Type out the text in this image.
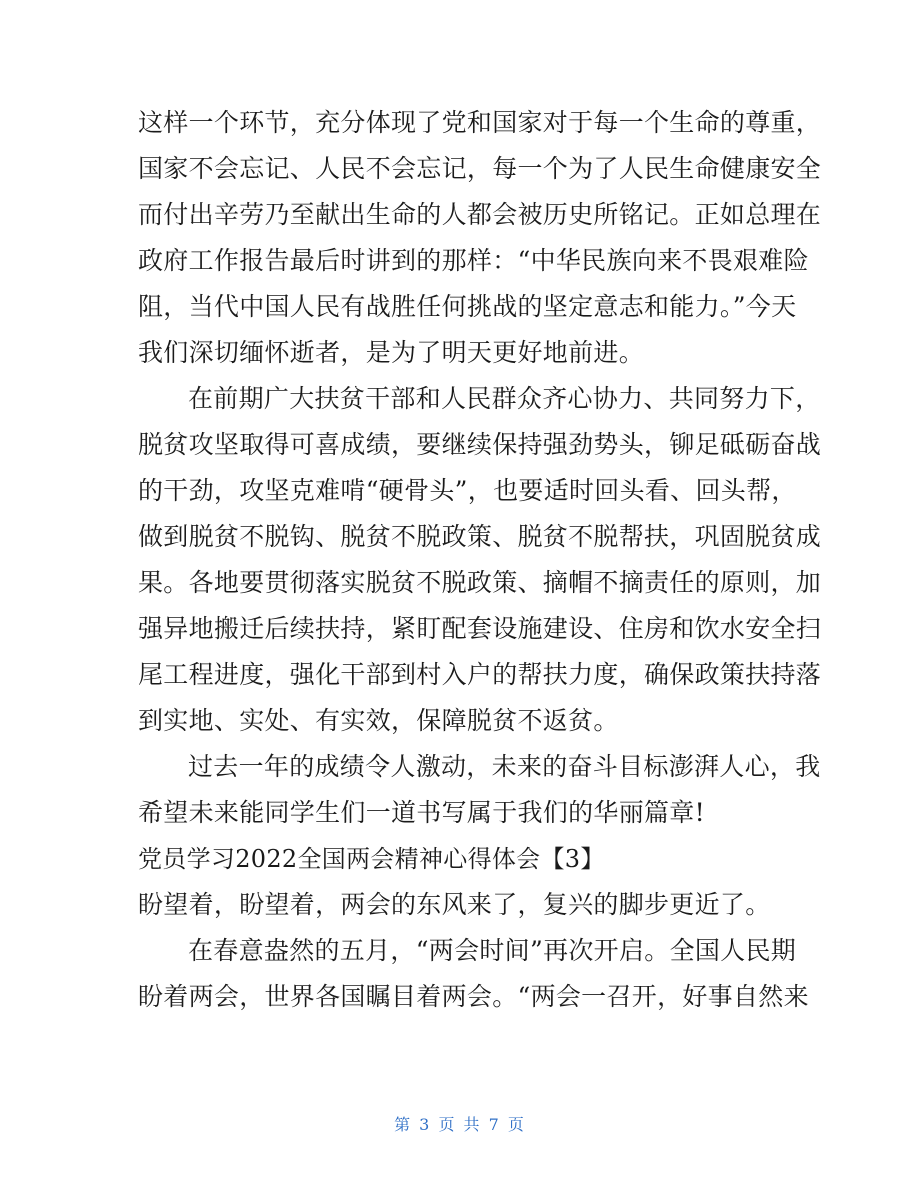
这样一个环节，充分体现了党和国家对于每一个生命的尊重，
国家不会忘记、人民不会忘记，每一个为了人民生命健康安全
而付出辛劳乃至献出生命的人都会被历史所铭记。正如总理在
政府工作报告最后时讲到的那样：“中华民族向来不畏艰难险
阻，当代中国人民有战胜任何挑战的坚定意志和能力。”今天
我们深切缅怀逝者，是为了明天更好地前进。
在前期广大扶贫干部和人民群众齐心协力、共同努力下，
脱贫攻坚取得可喜成绩，要继续保持强劲势头，铆足砥砺奋战
的干劲，攻坚克难啃“硬骨头”，也要适时回头看、回头帮，
做到脱贫不脱钩、脱贫不脱政策、脱贫不脱帮扶，巩固脱贫成
果。各地要贯彻落实脱贫不脱政策、摘帽不摘责任的原则，加
强异地搬迁后续扶持，紧盯配套设施建设、住房和饮水安全扫
尾工程进度，强化干部到村入户的帮扶力度，确保政策扶持落
到实地、实处、有实效，保障脱贫不返贫。
过去一年的成绩令人激动，未来的奋斗目标澎湃人心，我
希望未来能同学生们一道书写属于我们的华丽篇章!
党员学习2022全国两会精神心得体会【3】
盼望着，盼望着，两会的东风来了，复兴的脚步更近了。
在春意盎然的五月，“两会时间”再次开启。全国人民期
盼着两会，世界各国瞩目着两会。“两会一召开，好事自然来
第 3 页 共 7 页
